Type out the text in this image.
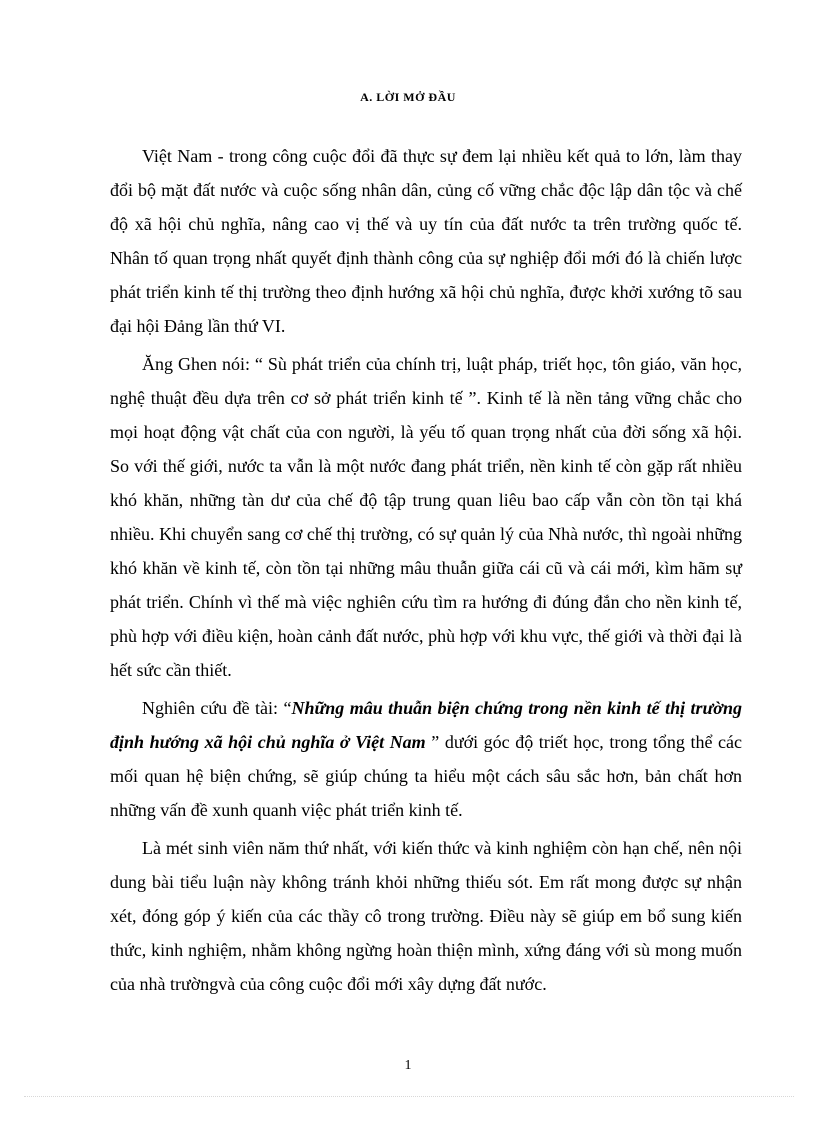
A. LỜI MỞ ĐẦU

Việt Nam - trong công cuộc đổi đã thực sự đem lại nhiều kết quả to lớn, làm thay đổi bộ mặt đất nước và cuộc sống nhân dân, củng cố vững chắc độc lập dân tộc và chế độ xã hội chủ nghĩa, nâng cao vị thế và uy tín của đất nước ta trên trường quốc tế. Nhân tố quan trọng nhất quyết định thành công của sự nghiệp đổi mới đó là chiến lược phát triển kinh tế thị trường theo định hướng xã hội chủ nghĩa, được khởi xướng tõ sau đại hội Đảng lần thứ VI.

Ăng Ghen nói: “ Sù phát triển của chính trị, luật pháp, triết học, tôn giáo, văn học, nghệ thuật đều dựa trên cơ sở phát triển kinh tế ”. Kinh tế là nền tảng vững chắc cho mọi hoạt động vật chất của con người, là yếu tố quan trọng nhất của đời sống xã hội. So với thế giới, nước ta vẫn là một nước đang phát triển, nền kinh tế còn gặp rất nhiều khó khăn, những tàn dư của chế độ tập trung quan liêu bao cấp vẫn còn tồn tại khá nhiều. Khi chuyển sang cơ chế thị trường, có sự quản lý của Nhà nước, thì ngoài những khó khăn về kinh tế, còn tồn tại những mâu thuẫn giữa cái cũ và cái mới, kìm hãm sự phát triển. Chính vì thế mà việc nghiên cứu tìm ra hướng đi đúng đắn cho nền kinh tế, phù hợp với điều kiện, hoàn cảnh đất nước, phù hợp với khu vực, thế giới và thời đại là hết sức cần thiết.

Nghiên cứu đề tài: “Những mâu thuẫn biện chứng trong nền kinh tế thị trường định hướng xã hội chủ nghĩa ở Việt Nam ” dưới góc độ triết học, trong tổng thể các mối quan hệ biện chứng, sẽ giúp chúng ta hiểu một cách sâu sắc hơn, bản chất hơn những vấn đề xunh quanh việc phát triển kinh tế.

Là mét sinh viên năm thứ nhất, với kiến thức và kinh nghiệm còn hạn chế, nên nội dung bài tiểu luận này không tránh khỏi những thiếu sót. Em rất mong được sự nhận xét, đóng góp ý kiến của các thầy cô trong trường. Điều này sẽ giúp em bổ sung kiến thức, kinh nghiệm, nhằm không ngừng hoàn thiện mình, xứng đáng với sù mong muốn của nhà trườngvà của công cuộc đổi mới xây dựng đất nước.

1
